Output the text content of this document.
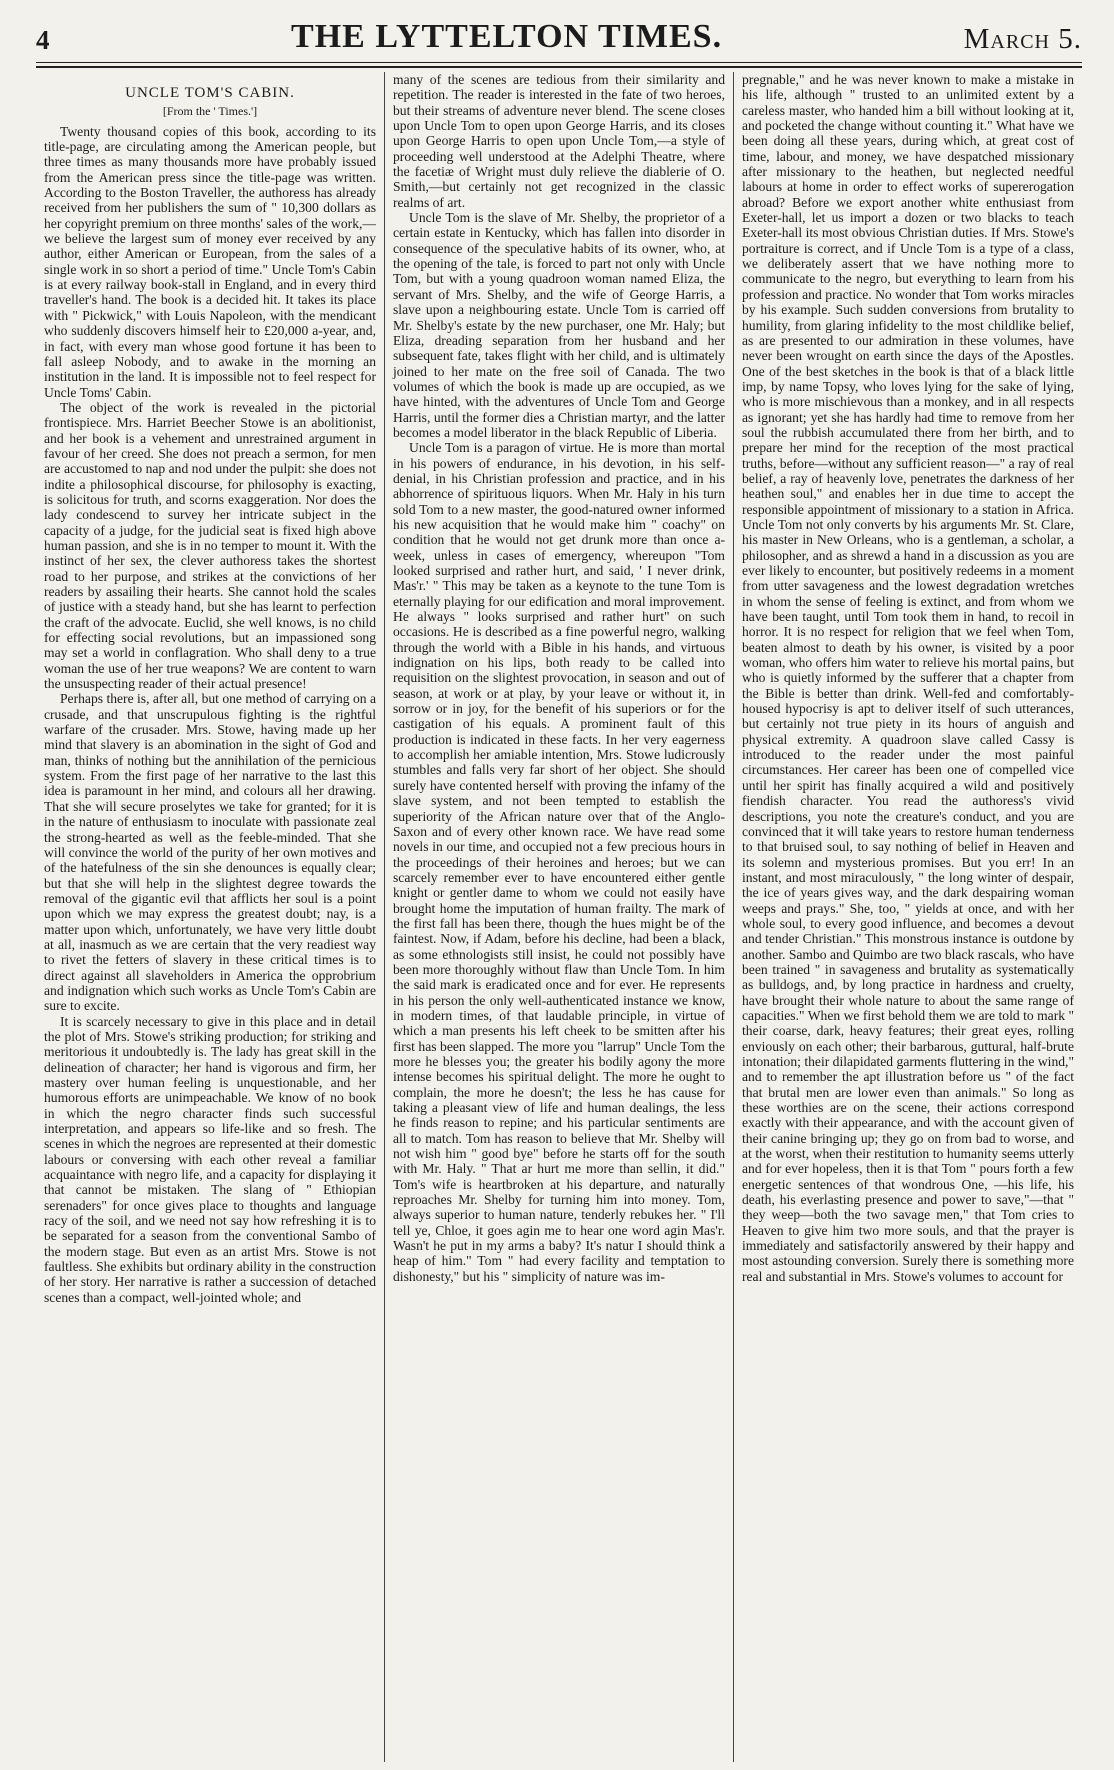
4	THE LYTTELTON TIMES.	March 5.
UNCLE TOM'S CABIN.
[From the ' Times.']

Twenty thousand copies of this book, according to its title-page, are circulating among the American people, but three times as many thousands more have probably issued from the American press since the title-page was written. According to the Boston Traveller, the authoress has already received from her publishers the sum of " 10,300 dollars as her copyright premium on three months' sales of the work,—we believe the largest sum of money ever received by any author, either American or European, from the sales of a single work in so short a period of time." Uncle Tom's Cabin is at every railway book-stall in England, and in every third traveller's hand. The book is a decided hit. It takes its place with " Pickwick," with Louis Napoleon, with the mendicant who suddenly discovers himself heir to £20,000 a-year, and, in fact, with every man whose good fortune it has been to fall asleep Nobody, and to awake in the morning an institution in the land. It is impossible not to feel respect for Uncle Toms' Cabin.

The object of the work is revealed in the pictorial frontispiece. Mrs. Harriet Beecher Stowe is an abolitionist, and her book is a vehement and unrestrained argument in favour of her creed. She does not preach a sermon, for men are accustomed to nap and nod under the pulpit: she does not indite a philosophical discourse, for philosophy is exacting, is solicitous for truth, and scorns exaggeration. Nor does the lady condescend to survey her intricate subject in the capacity of a judge, for the judicial seat is fixed high above human passion, and she is in no temper to mount it. With the instinct of her sex, the clever authoress takes the shortest road to her purpose, and strikes at the convictions of her readers by assailing their hearts. She cannot hold the scales of justice with a steady hand, but she has learnt to perfection the craft of the advocate. Euclid, she well knows, is no child for effecting social revolutions, but an impassioned song may set a world in conflagration. Who shall deny to a true woman the use of her true weapons? We are content to warn the unsuspecting reader of their actual presence!

Perhaps there is, after all, but one method of carrying on a crusade, and that unscrupulous fighting is the rightful warfare of the crusader. Mrs. Stowe, having made up her mind that slavery is an abomination in the sight of God and man, thinks of nothing but the annihilation of the pernicious system. From the first page of her narrative to the last this idea is paramount in her mind, and colours all her drawing. That she will secure proselytes we take for granted; for it is in the nature of enthusiasm to inoculate with passionate zeal the strong-hearted as well as the feeble-minded. That she will convince the world of the purity of her own motives and of the hatefulness of the sin she denounces is equally clear; but that she will help in the slightest degree towards the removal of the gigantic evil that afflicts her soul is a point upon which we may express the greatest doubt; nay, is a matter upon which, unfortunately, we have very little doubt at all, inasmuch as we are certain that the very readiest way to rivet the fetters of slavery in these critical times is to direct against all slaveholders in America the opprobrium and indignation which such works as Uncle Tom's Cabin are sure to excite.

It is scarcely necessary to give in this place and in detail the plot of Mrs. Stowe's striking production; for striking and meritorious it undoubtedly is. The lady has great skill in the delineation of character; her hand is vigorous and firm, her mastery over human feeling is unquestionable, and her humorous efforts are unimpeachable. We know of no book in which the negro character finds such successful interpretation, and appears so life-like and so fresh. The scenes in which the negroes are represented at their domestic labours or conversing with each other reveal a familiar acquaintance with negro life, and a capacity for displaying it that cannot be mistaken. The slang of " Ethiopian serenaders" for once gives place to thoughts and language racy of the soil, and we need not say how refreshing it is to be separated for a season from the conventional Sambo of the modern stage. But even as an artist Mrs. Stowe is not faultless. She exhibits but ordinary ability in the construction of her story. Her narrative is rather a succession of detached scenes than a compact, well-jointed whole; and

many of the scenes are tedious from their similarity and repetition. The reader is interested in the fate of two heroes, but their streams of adventure never blend. The scene closes upon Uncle Tom to open upon George Harris, and its closes upon George Harris to open upon Uncle Tom,—a style of proceeding well understood at the Adelphi Theatre, where the facetiæ of Wright must duly relieve the diablerie of O. Smith,—but certainly not get recognized in the classic realms of art.

Uncle Tom is the slave of Mr. Shelby, the proprietor of a certain estate in Kentucky, which has fallen into disorder in consequence of the speculative habits of its owner, who, at the opening of the tale, is forced to part not only with Uncle Tom, but with a young quadroon woman named Eliza, the servant of Mrs. Shelby, and the wife of George Harris, a slave upon a neighbouring estate. Uncle Tom is carried off Mr. Shelby's estate by the new purchaser, one Mr. Haly; but Eliza, dreading separation from her husband and her subsequent fate, takes flight with her child, and is ultimately joined to her mate on the free soil of Canada. The two volumes of which the book is made up are occupied, as we have hinted, with the adventures of Uncle Tom and George Harris, until the former dies a Christian martyr, and the latter becomes a model liberator in the black Republic of Liberia.

Uncle Tom is a paragon of virtue. He is more than mortal in his powers of endurance, in his devotion, in his self-denial, in his Christian profession and practice, and in his abhorrence of spirituous liquors. When Mr. Haly in his turn sold Tom to a new master, the good-natured owner informed his new acquisition that he would make him " coachy" on condition that he would not get drunk more than once a-week, unless in cases of emergency, whereupon "Tom looked surprised and rather hurt, and said, ' I never drink, Mas'r.' " This may be taken as a keynote to the tune Tom is eternally playing for our edification and moral improvement. He always " looks surprised and rather hurt" on such occasions. He is described as a fine powerful negro, walking through the world with a Bible in his hands, and virtuous indignation on his lips, both ready to be called into requisition on the slightest provocation, in season and out of season, at work or at play, by your leave or without it, in sorrow or in joy, for the benefit of his superiors or for the castigation of his equals. A prominent fault of this production is indicated in these facts. In her very eagerness to accomplish her amiable intention, Mrs. Stowe ludicrously stumbles and falls very far short of her object. She should surely have contented herself with proving the infamy of the slave system, and not been tempted to establish the superiority of the African nature over that of the Anglo-Saxon and of every other known race. We have read some novels in our time, and occupied not a few precious hours in the proceedings of their heroines and heroes; but we can scarcely remember ever to have encountered either gentle knight or gentler dame to whom we could not easily have brought home the imputation of human frailty. The mark of the first fall has been there, though the hues might be of the faintest. Now, if Adam, before his decline, had been a black, as some ethnologists still insist, he could not possibly have been more thoroughly without flaw than Uncle Tom. In him the said mark is eradicated once and for ever. He represents in his person the only well-authenticated instance we know, in modern times, of that laudable principle, in virtue of which a man presents his left cheek to be smitten after his first has been slapped. The more you "larrup" Uncle Tom the more he blesses you; the greater his bodily agony the more intense becomes his spiritual delight. The more he ought to complain, the more he doesn't; the less he has cause for taking a pleasant view of life and human dealings, the less he finds reason to repine; and his particular sentiments are all to match. Tom has reason to believe that Mr. Shelby will not wish him " good bye" before he starts off for the south with Mr. Haly. " That ar hurt me more than sellin, it did." Tom's wife is heartbroken at his departure, and naturally reproaches Mr. Shelby for turning him into money. Tom, always superior to human nature, tenderly rebukes her. " I'll tell ye, Chloe, it goes agin me to hear one word agin Mas'r. Wasn't he put in my arms a baby? It's natur I should think a heap of him." Tom " had every facility and temptation to dishonesty," but his " simplicity of nature was im-

pregnable," and he was never known to make a mistake in his life, although " trusted to an unlimited extent by a careless master, who handed him a bill without looking at it, and pocketed the change without counting it." What have we been doing all these years, during which, at great cost of time, labour, and money, we have despatched missionary after missionary to the heathen, but neglected needful labours at home in order to effect works of supererogation abroad? Before we export another white enthusiast from Exeter-hall, let us import a dozen or two blacks to teach Exeter-hall its most obvious Christian duties. If Mrs. Stowe's portraiture is correct, and if Uncle Tom is a type of a class, we deliberately assert that we have nothing more to communicate to the negro, but everything to learn from his profession and practice. No wonder that Tom works miracles by his example. Such sudden conversions from brutality to humility, from glaring infidelity to the most childlike belief, as are presented to our admiration in these volumes, have never been wrought on earth since the days of the Apostles. One of the best sketches in the book is that of a black little imp, by name Topsy, who loves lying for the sake of lying, who is more mischievous than a monkey, and in all respects as ignorant; yet she has hardly had time to remove from her soul the rubbish accumulated there from her birth, and to prepare her mind for the reception of the most practical truths, before—without any sufficient reason—" a ray of real belief, a ray of heavenly love, penetrates the darkness of her heathen soul," and enables her in due time to accept the responsible appointment of missionary to a station in Africa. Uncle Tom not only converts by his arguments Mr. St. Clare, his master in New Orleans, who is a gentleman, a scholar, a philosopher, and as shrewd a hand in a discussion as you are ever likely to encounter, but positively redeems in a moment from utter savageness and the lowest degradation wretches in whom the sense of feeling is extinct, and from whom we have been taught, until Tom took them in hand, to recoil in horror. It is no respect for religion that we feel when Tom, beaten almost to death by his owner, is visited by a poor woman, who offers him water to relieve his mortal pains, but who is quietly informed by the sufferer that a chapter from the Bible is better than drink. Well-fed and comfortably-housed hypocrisy is apt to deliver itself of such utterances, but certainly not true piety in its hours of anguish and physical extremity. A quadroon slave called Cassy is introduced to the reader under the most painful circumstances. Her career has been one of compelled vice until her spirit has finally acquired a wild and positively fiendish character. You read the authoress's vivid descriptions, you note the creature's conduct, and you are convinced that it will take years to restore human tenderness to that bruised soul, to say nothing of belief in Heaven and its solemn and mysterious promises. But you err! In an instant, and most miraculously, " the long winter of despair, the ice of years gives way, and the dark despairing woman weeps and prays." She, too, " yields at once, and with her whole soul, to every good influence, and becomes a devout and tender Christian." This monstrous instance is outdone by another. Sambo and Quimbo are two black rascals, who have been trained " in savageness and brutality as systematically as bulldogs, and, by long practice in hardness and cruelty, have brought their whole nature to about the same range of capacities." When we first behold them we are told to mark " their coarse, dark, heavy features; their great eyes, rolling enviously on each other; their barbarous, guttural, half-brute intonation; their dilapidated garments fluttering in the wind," and to remember the apt illustration before us " of the fact that brutal men are lower even than animals." So long as these worthies are on the scene, their actions correspond exactly with their appearance, and with the account given of their canine bringing up; they go on from bad to worse, and at the worst, when their restitution to humanity seems utterly and for ever hopeless, then it is that Tom " pours forth a few energetic sentences of that wondrous One, —his life, his death, his everlasting presence and power to save,"—that " they weep—both the two savage men," that Tom cries to Heaven to give him two more souls, and that the prayer is immediately and satisfactorily answered by their happy and most astounding conversion. Surely there is something more real and substantial in Mrs. Stowe's volumes to account for
